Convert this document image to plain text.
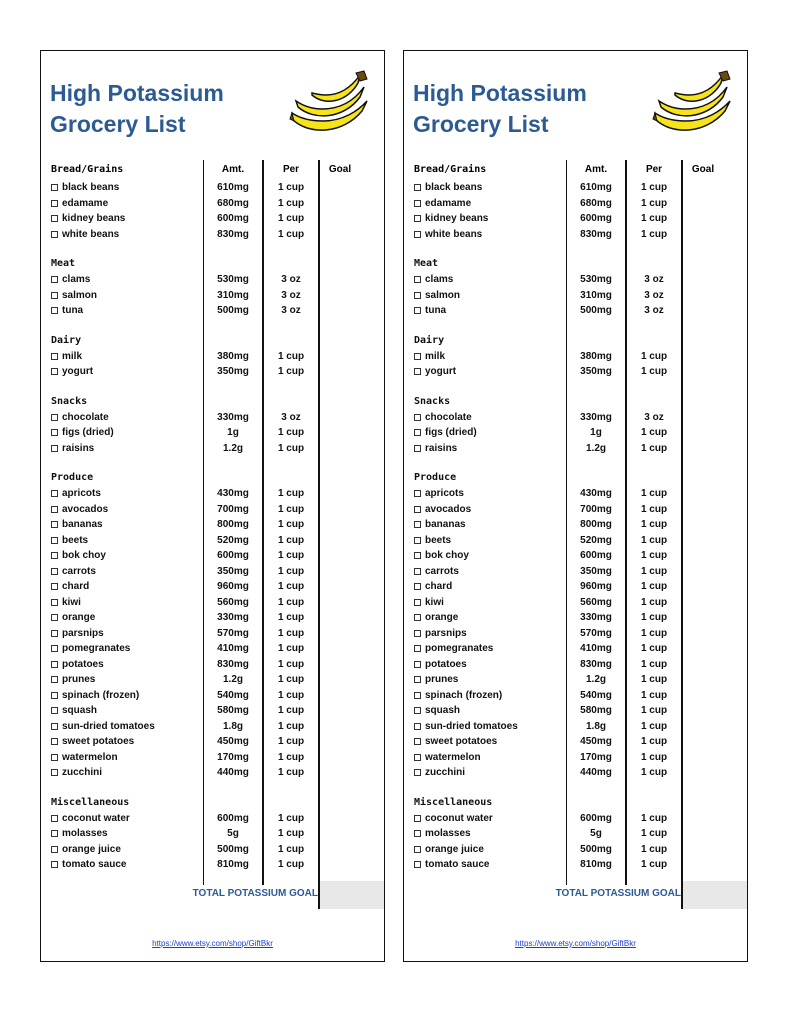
High Potassium
Grocery List
Bread/Grains	Amt.	Per	Goal
black beans	610mg	1 cup
edamame	680mg	1 cup
kidney beans	600mg	1 cup
white beans	830mg	1 cup
Meat
clams	530mg	3 oz
salmon	310mg	3 oz
tuna	500mg	3 oz
Dairy
milk	380mg	1 cup
yogurt	350mg	1 cup
Snacks
chocolate	330mg	3 oz
figs (dried)	1g	1 cup
raisins	1.2g	1 cup
Produce
apricots	430mg	1 cup
avocados	700mg	1 cup
bananas	800mg	1 cup
beets	520mg	1 cup
bok choy	600mg	1 cup
carrots	350mg	1 cup
chard	960mg	1 cup
kiwi	560mg	1 cup
orange	330mg	1 cup
parsnips	570mg	1 cup
pomegranates	410mg	1 cup
potatoes	830mg	1 cup
prunes	1.2g	1 cup
spinach (frozen)	540mg	1 cup
squash	580mg	1 cup
sun-dried tomatoes	1.8g	1 cup
sweet potatoes	450mg	1 cup
watermelon	170mg	1 cup
zucchini	440mg	1 cup
Miscellaneous
coconut water	600mg	1 cup
molasses	5g	1 cup
orange juice	500mg	1 cup
tomato sauce	810mg	1 cup
TOTAL POTASSIUM GOAL
https://www.etsy.com/shop/GiftBkr
High Potassium
Grocery List
Bread/Grains	Amt.	Per	Goal
black beans	610mg	1 cup
edamame	680mg	1 cup
kidney beans	600mg	1 cup
white beans	830mg	1 cup
Meat
clams	530mg	3 oz
salmon	310mg	3 oz
tuna	500mg	3 oz
Dairy
milk	380mg	1 cup
yogurt	350mg	1 cup
Snacks
chocolate	330mg	3 oz
figs (dried)	1g	1 cup
raisins	1.2g	1 cup
Produce
apricots	430mg	1 cup
avocados	700mg	1 cup
bananas	800mg	1 cup
beets	520mg	1 cup
bok choy	600mg	1 cup
carrots	350mg	1 cup
chard	960mg	1 cup
kiwi	560mg	1 cup
orange	330mg	1 cup
parsnips	570mg	1 cup
pomegranates	410mg	1 cup
potatoes	830mg	1 cup
prunes	1.2g	1 cup
spinach (frozen)	540mg	1 cup
squash	580mg	1 cup
sun-dried tomatoes	1.8g	1 cup
sweet potatoes	450mg	1 cup
watermelon	170mg	1 cup
zucchini	440mg	1 cup
Miscellaneous
coconut water	600mg	1 cup
molasses	5g	1 cup
orange juice	500mg	1 cup
tomato sauce	810mg	1 cup
TOTAL POTASSIUM GOAL
https://www.etsy.com/shop/GiftBkr
